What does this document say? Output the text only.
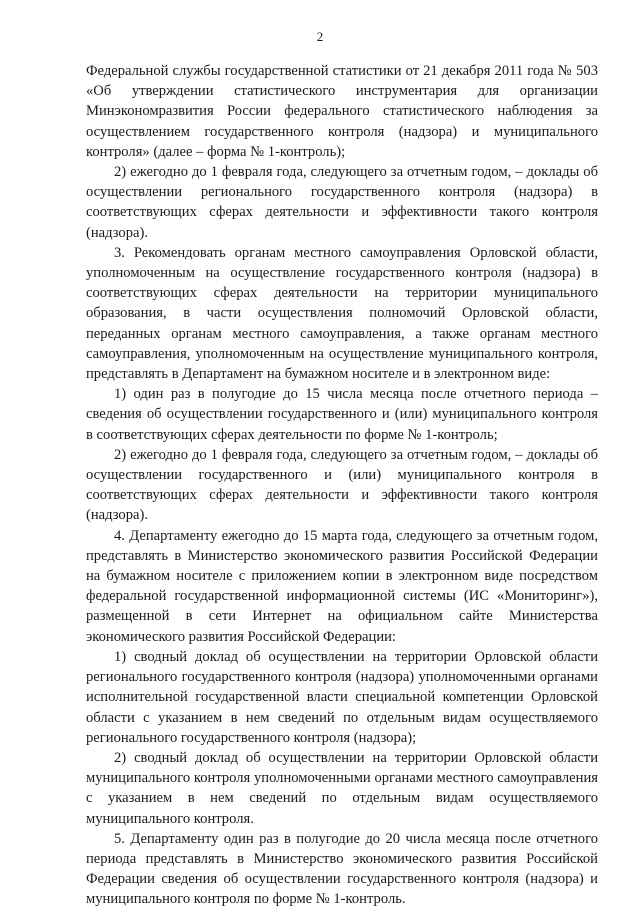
2

Федеральной службы государственной статистики от 21 декабря 2011 года № 503 «Об утверждении статистического инструментария для организации Минэкономразвития России федерального статистического наблюдения за осуществлением государственного контроля (надзора) и муниципального контроля» (далее – форма № 1-контроль);

2) ежегодно до 1 февраля года, следующего за отчетным годом, – доклады об осуществлении регионального государственного контроля (надзора) в соответствующих сферах деятельности и эффективности такого контроля (надзора).

3. Рекомендовать органам местного самоуправления Орловской области, уполномоченным на осуществление государственного контроля (надзора) в соответствующих сферах деятельности на территории муниципального образования, в части осуществления полномочий Орловской области, переданных органам местного самоуправления, а также органам местного самоуправления, уполномоченным на осуществление муниципального контроля, представлять в Департамент на бумажном носителе и в электронном виде:

1) один раз в полугодие до 15 числа месяца после отчетного периода – сведения об осуществлении государственного и (или) муниципального контроля в соответствующих сферах деятельности по форме № 1-контроль;

2) ежегодно до 1 февраля года, следующего за отчетным годом, – доклады об осуществлении государственного и (или) муниципального контроля в соответствующих сферах деятельности и эффективности такого контроля (надзора).

4. Департаменту ежегодно до 15 марта года, следующего за отчетным годом, представлять в Министерство экономического развития Российской Федерации на бумажном носителе с приложением копии в электронном виде посредством федеральной государственной информационной системы (ИС «Мониторинг»), размещенной в сети Интернет на официальном сайте Министерства экономического развития Российской Федерации:

1) сводный доклад об осуществлении на территории Орловской области регионального государственного контроля (надзора) уполномоченными органами исполнительной государственной власти специальной компетенции Орловской области с указанием в нем сведений по отдельным видам осуществляемого регионального государственного контроля (надзора);

2) сводный доклад об осуществлении на территории Орловской области муниципального контроля уполномоченными органами местного самоуправления с указанием в нем сведений по отдельным видам осуществляемого муниципального контроля.

5. Департаменту один раз в полугодие до 20 числа месяца после отчетного периода представлять в Министерство экономического развития Российской Федерации сведения об осуществлении государственного контроля (надзора) и муниципального контроля по форме № 1-контроль.
